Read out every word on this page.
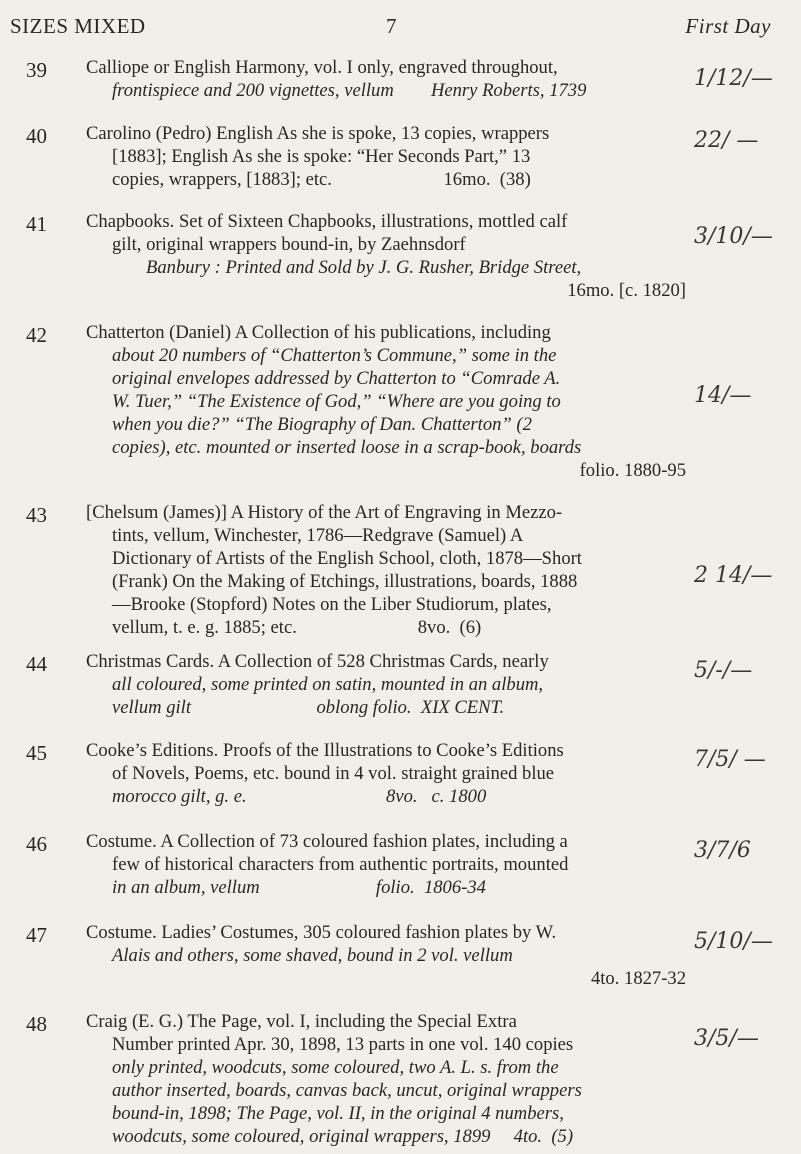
SIZES MIXED	7	First Day
39	Calliope or English Harmony, vol. I only, engraved throughout,

frontispiece and 200 vignettes, vellum        Henry Roberts, 1739	1/12/—
40	Carolino (Pedro) English As she is spoke, 13 copies, wrappers

[1883]; English As she is spoke: “Her Seconds Part,” 13

copies, wrappers, [1883]; etc.                        16mo.  (38)

22/ —
41	Chapbooks. Set of Sixteen Chapbooks, illustrations, mottled calf

gilt, original wrappers bound-in, by Zaehnsdorf

Banbury : Printed and Sold by J. G. Rusher, Bridge Street,

16mo. [c. 1820]

3/10/—
42	Chatterton (Daniel) A Collection of his publications, including

about 20 numbers of “Chatterton’s Commune,” some in the

original envelopes addressed by Chatterton to “Comrade A.

W. Tuer,” “The Existence of God,” “Where are you going to

when you die?” “The Biography of Dan. Chatterton” (2

copies), etc. mounted or inserted loose in a scrap-book, boards

folio. 1880-95

14/—
43	[Chelsum (James)] A History of the Art of Engraving in Mezzo-

tints, vellum, Winchester, 1786—Redgrave (Samuel) A

Dictionary of Artists of the English School, cloth, 1878—Short

(Frank) On the Making of Etchings, illustrations, boards, 1888

—Brooke (Stopford) Notes on the Liber Studiorum, plates,

vellum, t. e. g. 1885; etc.                          8vo.  (6)

2 14/—
44	Christmas Cards. A Collection of 528 Christmas Cards, nearly

all coloured, some printed on satin, mounted in an album,

vellum gilt                           oblong folio.  XIX CENT.

5/-/—
45	Cooke’s Editions. Proofs of the Illustrations to Cooke’s Editions

of Novels, Poems, etc. bound in 4 vol. straight grained blue

morocco gilt, g. e.                              8vo.   c. 1800

7/5/ —
46	Costume. A Collection of 73 coloured fashion plates, including a

few of historical characters from authentic portraits, mounted

in an album, vellum                         folio.  1806-34

3/7/6
47	Costume. Ladies’ Costumes, 305 coloured fashion plates by W.

Alais and others, some shaved, bound in 2 vol. vellum

4to. 1827-32

5/10/—
48	Craig (E. G.) The Page, vol. I, including the Special Extra

Number printed Apr. 30, 1898, 13 parts in one vol. 140 copies

only printed, woodcuts, some coloured, two A. L. s. from the

author inserted, boards, canvas back, uncut, original wrappers

bound-in, 1898; The Page, vol. II, in the original 4 numbers,

woodcuts, some coloured, original wrappers, 1899     4to.  (5)

3/5/—
